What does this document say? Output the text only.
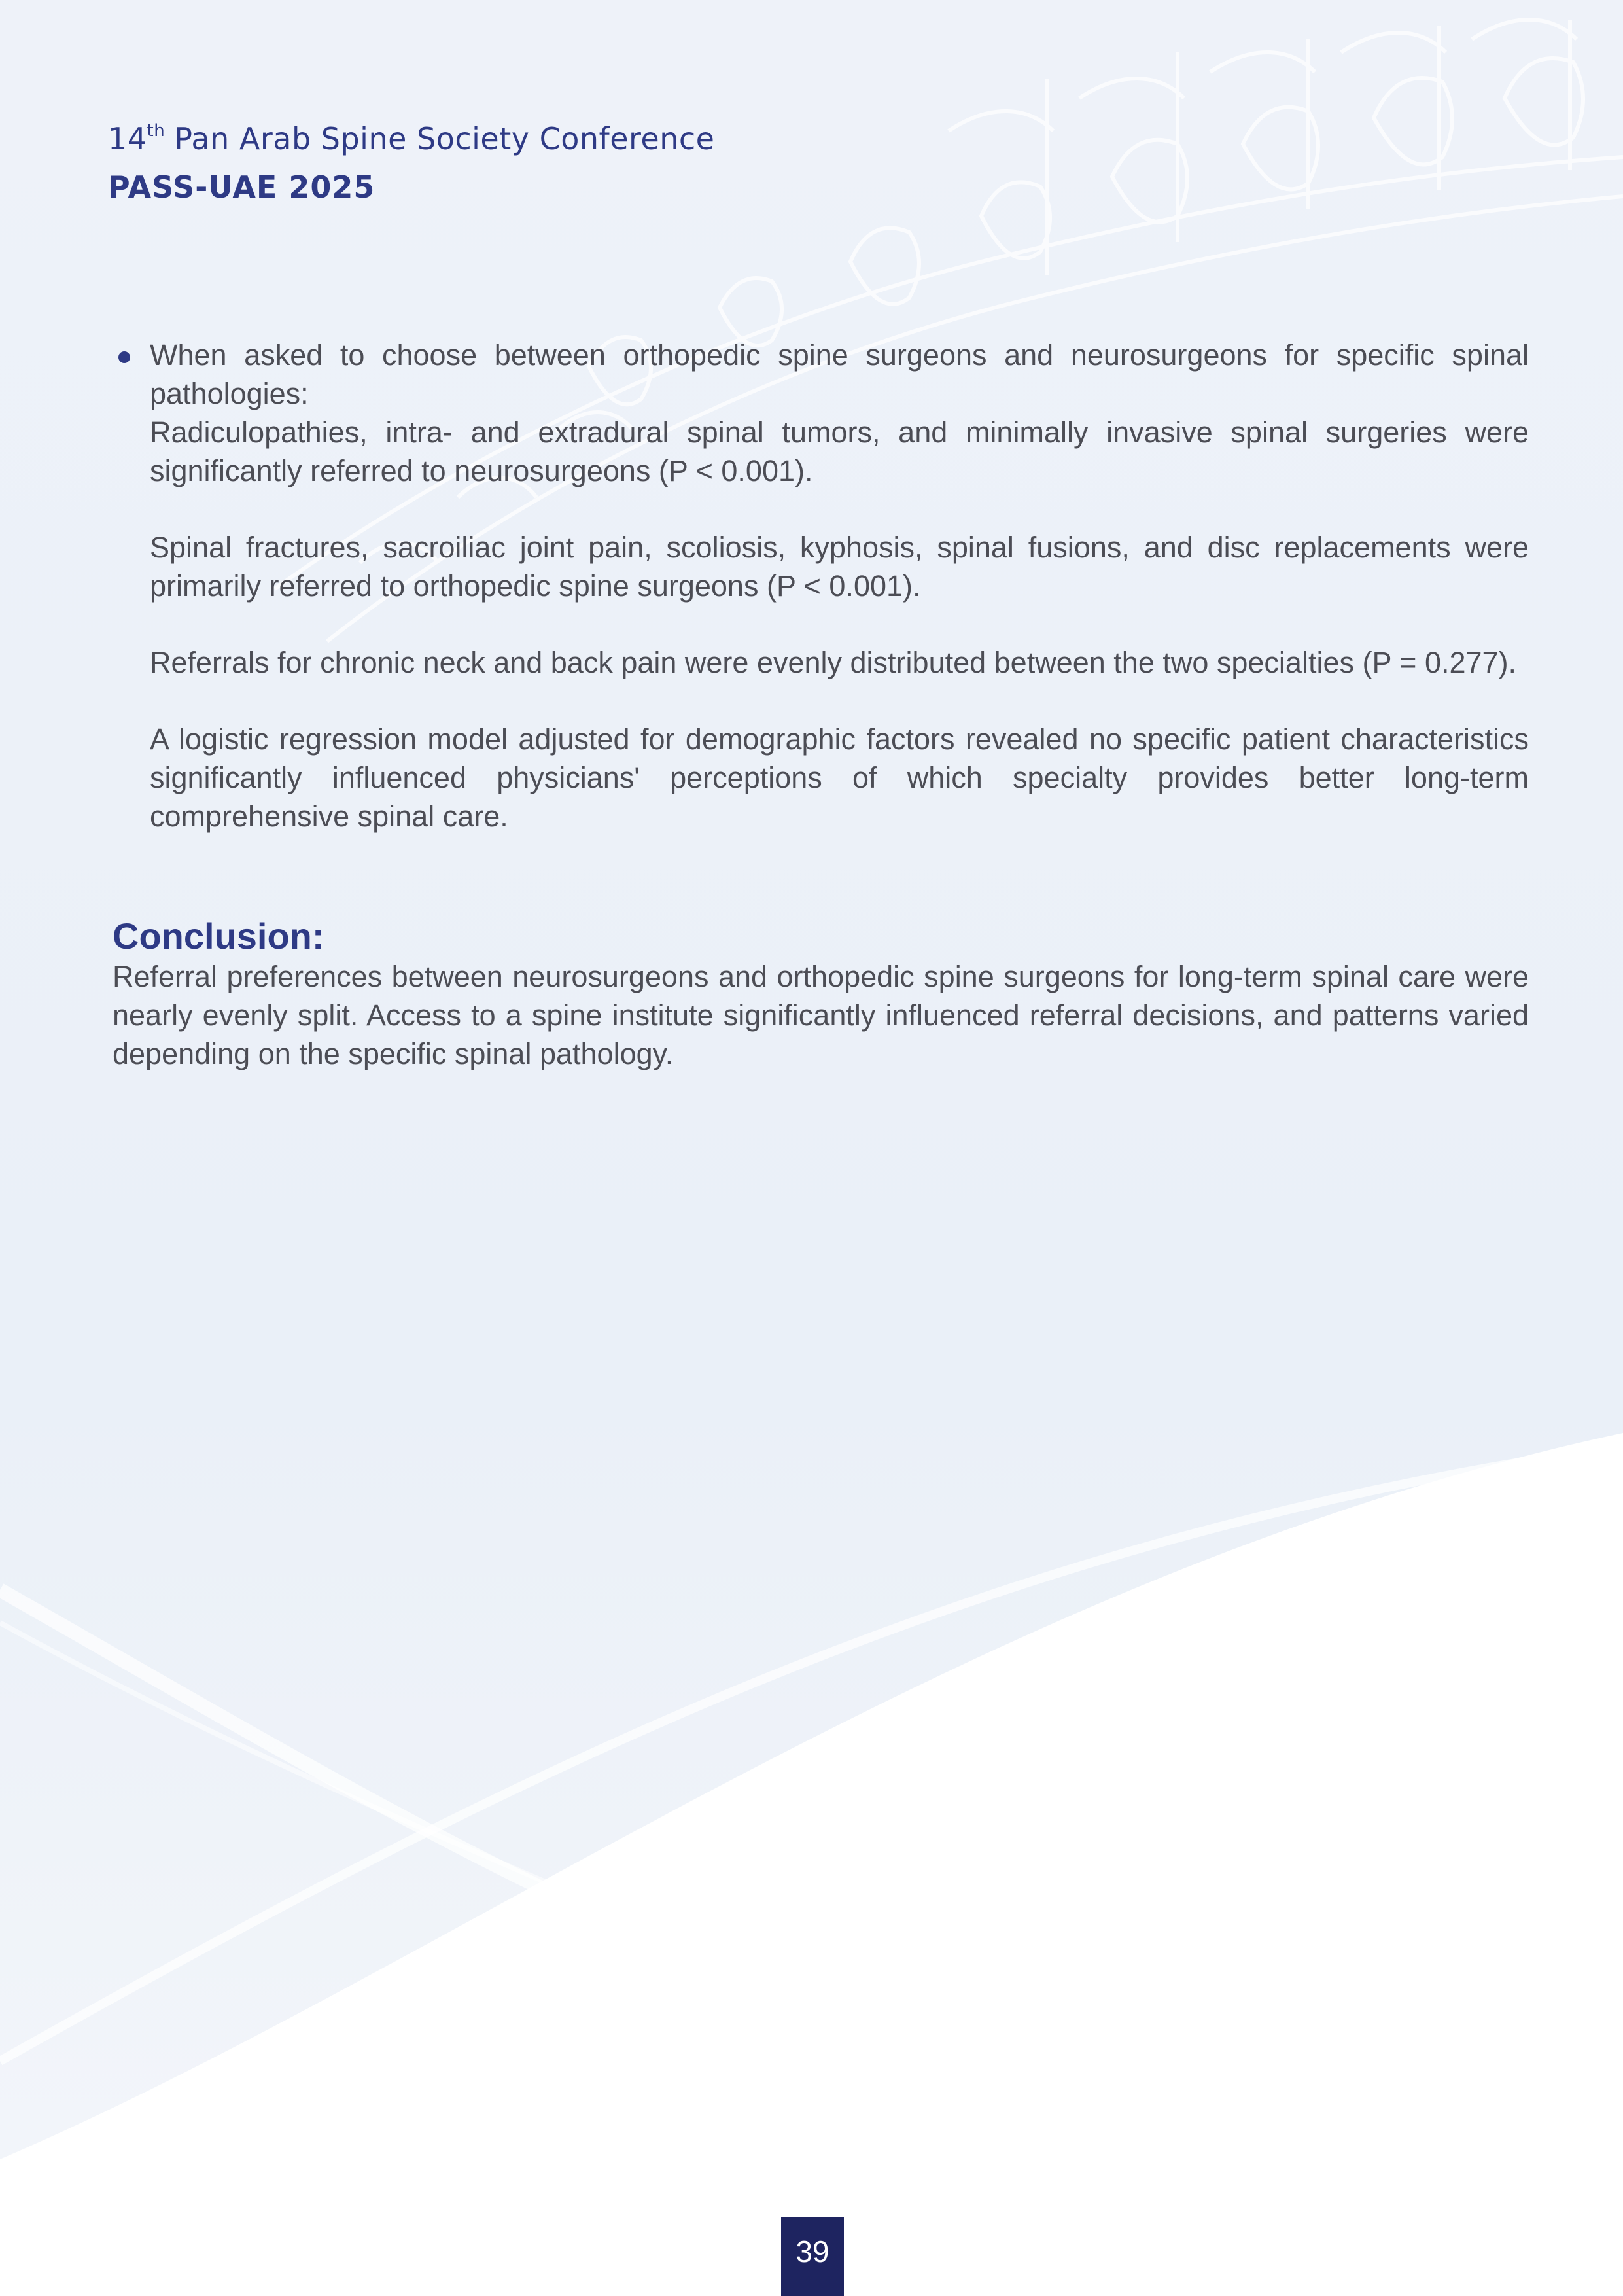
14th Pan Arab Spine Society Conference
PASS-UAE 2025

When asked to choose between orthopedic spine surgeons and neurosurgeons for specific spinal pathologies:

Radiculopathies, intra- and extradural spinal tumors, and minimally invasive spinal surgeries were significantly referred to neurosurgeons (P < 0.001).

Spinal fractures, sacroiliac joint pain, scoliosis, kyphosis, spinal fusions, and disc replacements were primarily referred to orthopedic spine surgeons (P < 0.001).

Referrals for chronic neck and back pain were evenly distributed between the two specialties (P = 0.277).

A logistic regression model adjusted for demographic factors revealed no specific patient characteristics significantly influenced physicians' perceptions of which specialty provides better long-term comprehensive spinal care.

Conclusion:

Referral preferences between neurosurgeons and orthopedic spine surgeons for long-term spinal care were nearly evenly split. Access to a spine institute significantly influenced referral decisions, and patterns varied depending on the specific spinal pathology.

39
